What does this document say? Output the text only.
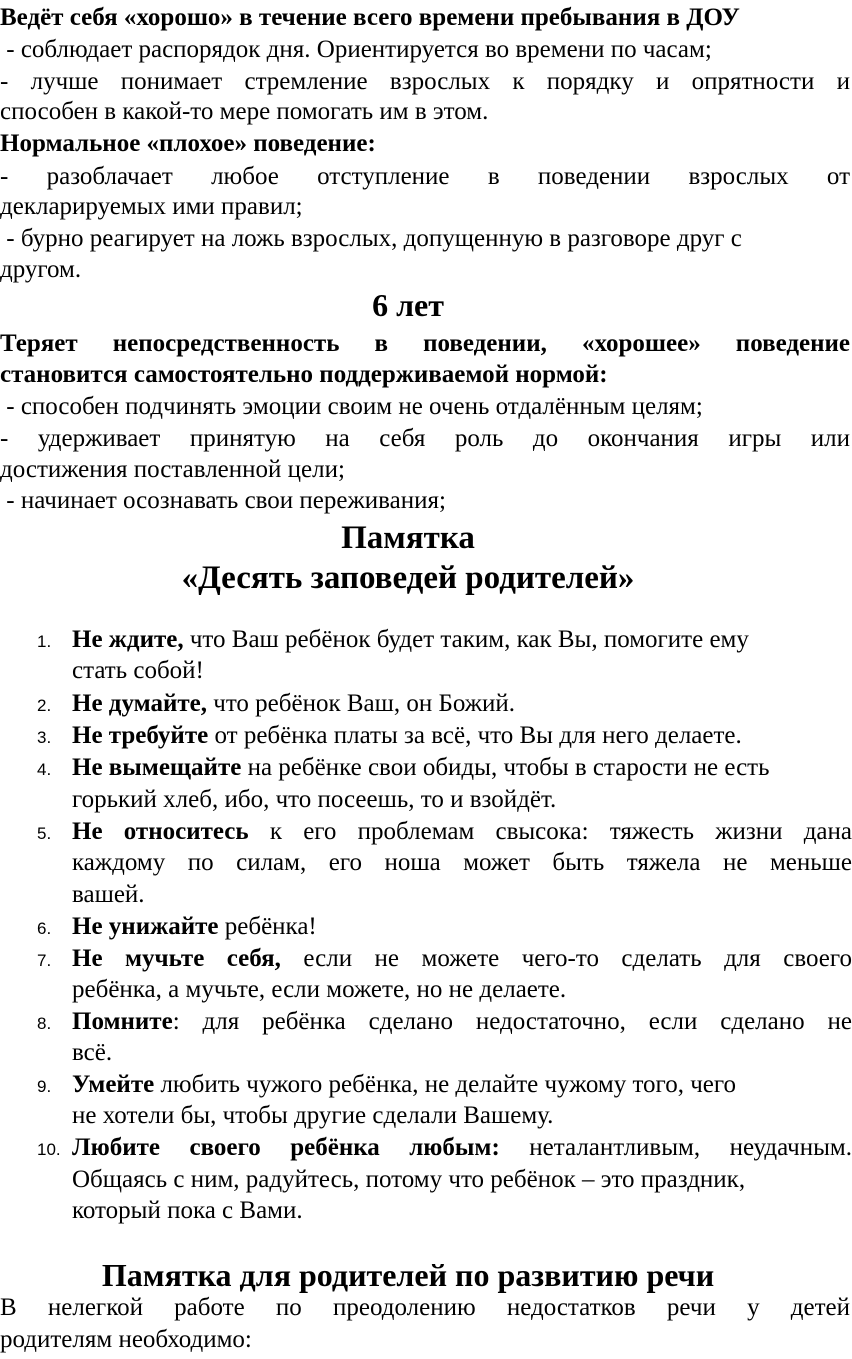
Ведёт себя «хорошо» в течение всего времени пребывания в ДОУ
- соблюдает распорядок дня. Ориентируется во времени по часам;
- лучше понимает стремление взрослых к порядку и опрятности и
способен в какой-то мере помогать им в этом.
Нормальное «плохое» поведение:
- разоблачает любое отступление в поведении взрослых от
декларируемых ими правил;
- бурно реагирует на ложь взрослых, допущенную в разговоре друг с
другом.
6 лет
Теряет непосредственность в поведении, «хорошее» поведение
становится самостоятельно поддерживаемой нормой:
- способен подчинять эмоции своим не очень отдалённым целям;
- удерживает принятую на себя роль до окончания игры или
достижения поставленной цели;
- начинает осознавать свои переживания;
Памятка
«Десять заповедей родителей»
1. Не ждите, что Ваш ребёнок будет таким, как Вы, помогите ему
стать собой!
2. Не думайте, что ребёнок Ваш, он Божий.
3. Не требуйте от ребёнка платы за всё, что Вы для него делаете.
4. Не вымещайте на ребёнке свои обиды, чтобы в старости не есть
горький хлеб, ибо, что посеешь, то и взойдёт.
5. Не относитесь к его проблемам свысока: тяжесть жизни дана
каждому по силам, его ноша может быть тяжела не меньше
вашей.
6. Не унижайте ребёнка!
7. Не мучьте себя, если не можете чего-то сделать для своего
ребёнка, а мучьте, если можете, но не делаете.
8. Помните: для ребёнка сделано недостаточно, если сделано не
всё.
9. Умейте любить чужого ребёнка, не делайте чужому того, чего
не хотели бы, чтобы другие сделали Вашему.
10. Любите своего ребёнка любым: неталантливым, неудачным.
Общаясь с ним, радуйтесь, потому что ребёнок – это праздник,
который пока с Вами.
Памятка для родителей по развитию речи
В нелегкой работе по преодолению недостатков речи у детей
родителям необходимо:
